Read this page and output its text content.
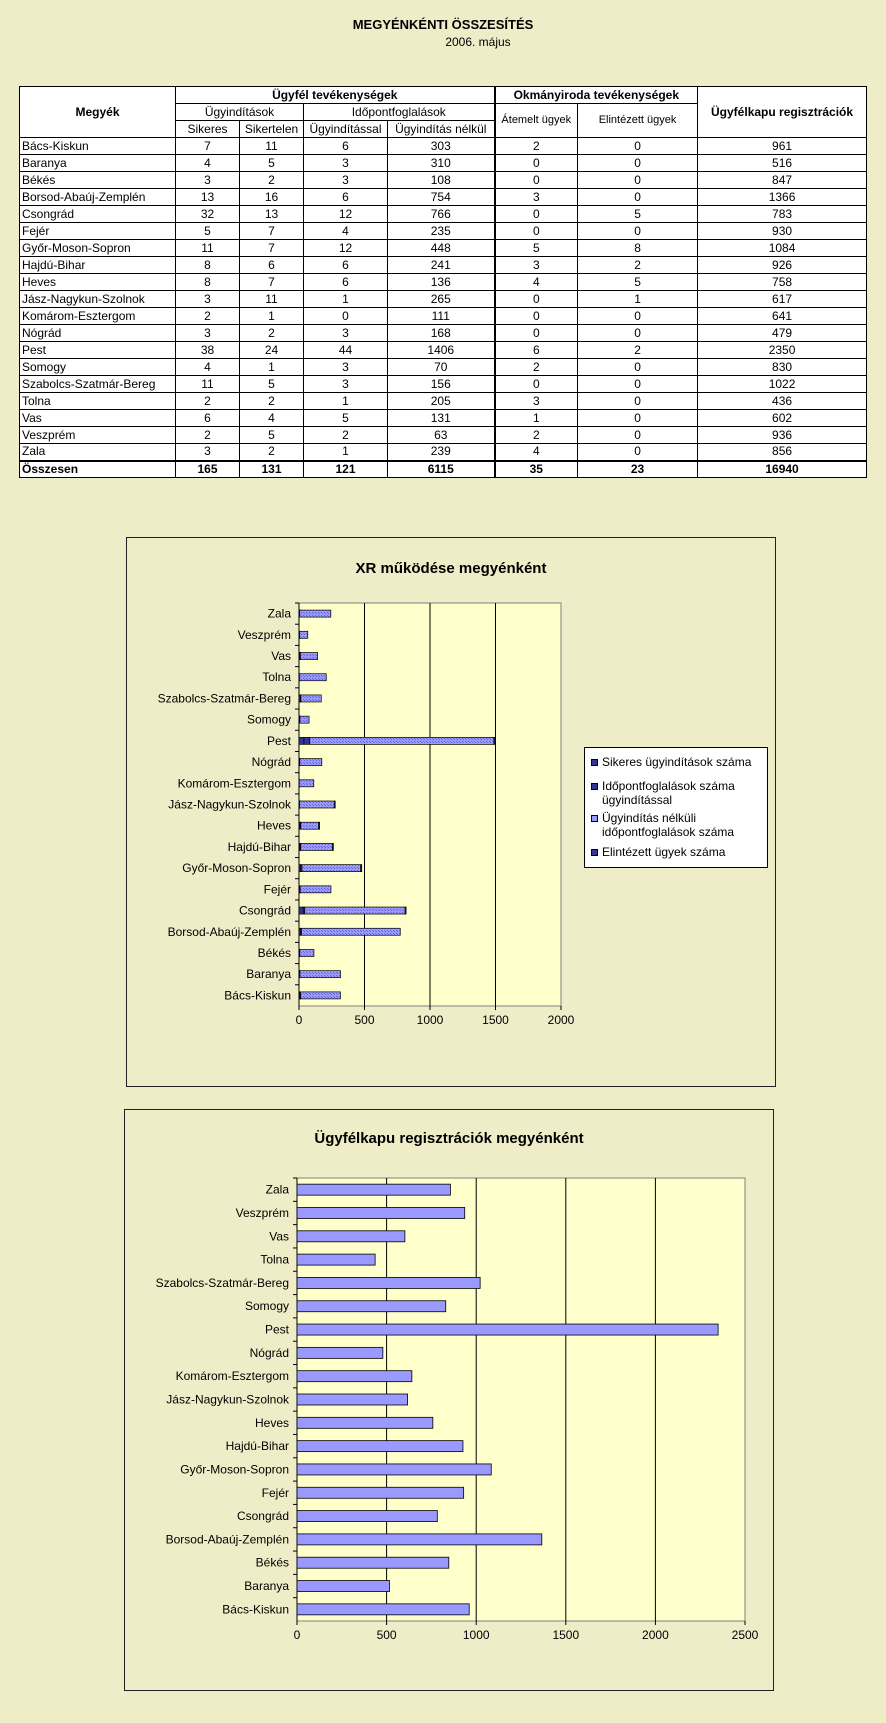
MEGYÉNKÉNTI ÖSSZESÍTÉS
2006. május
Megyék	Ügyfél tevékenységek				Okmányiroda tevékenységek		Ügyfélkapu regisztrációk
	Ügyindítások		Időpontfoglalások		Átemelt ügyek	Elintézett ügyek	
	Sikeres	Sikertelen	Ügyindítással	Ügyindítás nélkül			
Bács-Kiskun	7	11	6	303	2	0	961
Baranya	4	5	3	310	0	0	516
Békés	3	2	3	108	0	0	847
Borsod-Abaúj-Zemplén	13	16	6	754	3	0	1366
Csongrád	32	13	12	766	0	5	783
Fejér	5	7	4	235	0	0	930
Győr-Moson-Sopron	11	7	12	448	5	8	1084
Hajdú-Bihar	8	6	6	241	3	2	926
Heves	8	7	6	136	4	5	758
Jász-Nagykun-Szolnok	3	11	1	265	0	1	617
Komárom-Esztergom	2	1	0	111	0	0	641
Nógrád	3	2	3	168	0	0	479
Pest	38	24	44	1406	6	2	2350
Somogy	4	1	3	70	2	0	830
Szabolcs-Szatmár-Bereg	11	5	3	156	0	0	1022
Tolna	2	2	1	205	3	0	436
Vas	6	4	5	131	1	0	602
Veszprém	2	5	2	63	2	0	936
Zala	3	2	1	239	4	0	856
Összesen	165	131	121	6115	35	23	16940
XR működése megyénként
0	500	1000	1500	2000
Zala
Veszprém
Vas
Tolna
Szabolcs-Szatmár-Bereg
Somogy
Pest
Nógrád
Komárom-Esztergom
Jász-Nagykun-Szolnok
Heves
Hajdú-Bihar
Győr-Moson-Sopron
Fejér
Csongrád
Borsod-Abaúj-Zemplén
Békés
Baranya
Bács-Kiskun
Sikeres ügyindítások száma
Időpontfoglalások száma ügyindítással
Ügyindítás nélküli időpontfoglalások száma
Elintézett ügyek száma
Ügyfélkapu regisztrációk megyénként
0	500	1000	1500	2000	2500
Zala
Veszprém
Vas
Tolna
Szabolcs-Szatmár-Bereg
Somogy
Pest
Nógrád
Komárom-Esztergom
Jász-Nagykun-Szolnok
Heves
Hajdú-Bihar
Győr-Moson-Sopron
Fejér
Csongrád
Borsod-Abaúj-Zemplén
Békés
Baranya
Bács-Kiskun
